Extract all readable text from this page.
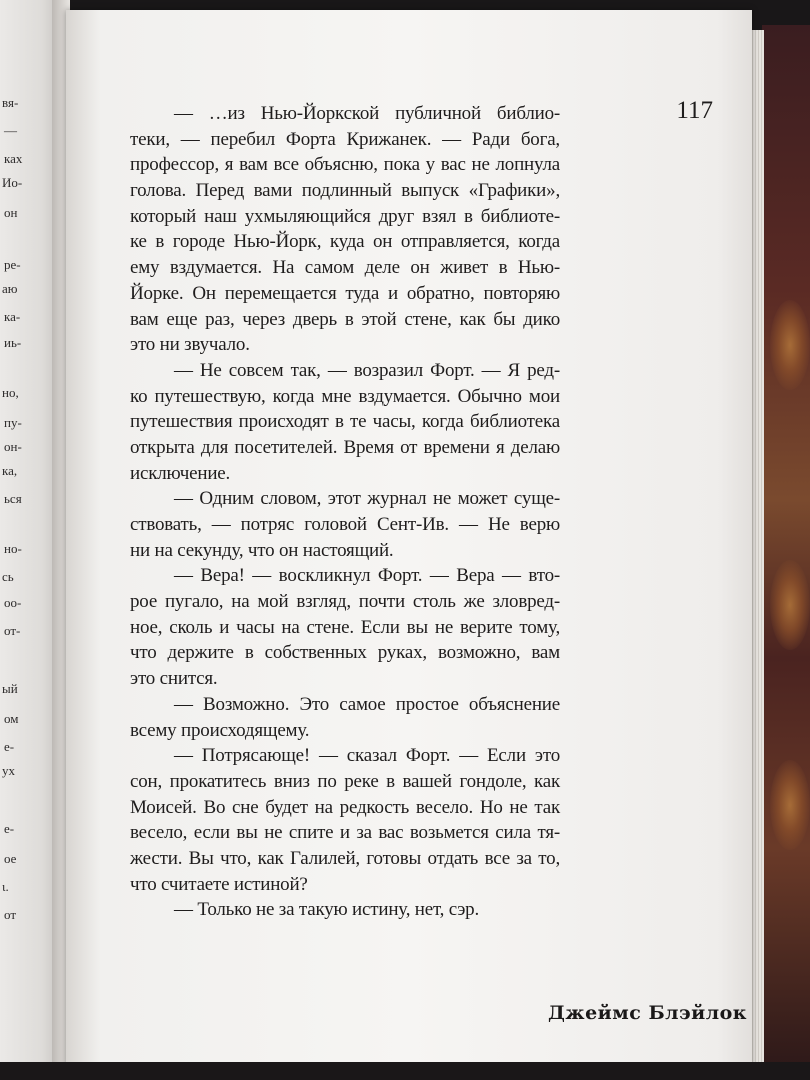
вя-
—
ках
Ио-
он
ре-
аю
ка-
иь-
но,
пу-
он-
ка,
ься
но-
сь
оо-
от-
ый
ом
е-
ух
е-
ое
ι.
от
117
Джеймс Блэйлок
— …из Нью-Йоркской публичной библио-
теки, — перебил Форта Крижанек. — Ради бога,
профессор, я вам все объясню, пока у вас не лопнула
голова. Перед вами подлинный выпуск «Графики»,
который наш ухмыляющийся друг взял в библиоте-
ке в городе Нью-Йорк, куда он отправляется, когда
ему вздумается. На самом деле он живет в Нью-
Йорке. Он перемещается туда и обратно, повторяю
вам еще раз, через дверь в этой стене, как бы дико
это ни звучало.
— Не совсем так, — возразил Форт. — Я ред-
ко путешествую, когда мне вздумается. Обычно мои
путешествия происходят в те часы, когда библиотека
открыта для посетителей. Время от времени я делаю
исключение.
— Одним словом, этот журнал не может суще-
ствовать, — потряс головой Сент-Ив. — Не верю
ни на секунду, что он настоящий.
— Вера! — воскликнул Форт. — Вера — вто-
рое пугало, на мой взгляд, почти столь же зловред-
ное, сколь и часы на стене. Если вы не верите тому,
что держите в собственных руках, возможно, вам
это снится.
— Возможно. Это самое простое объяснение
всему происходящему.
— Потрясающе! — сказал Форт. — Если это
сон, прокатитесь вниз по реке в вашей гондоле, как
Моисей. Во сне будет на редкость весело. Но не так
весело, если вы не спите и за вас возьмется сила тя-
жести. Вы что, как Галилей, готовы отдать все за то,
что считаете истиной?
— Только не за такую истину, нет, сэр.
